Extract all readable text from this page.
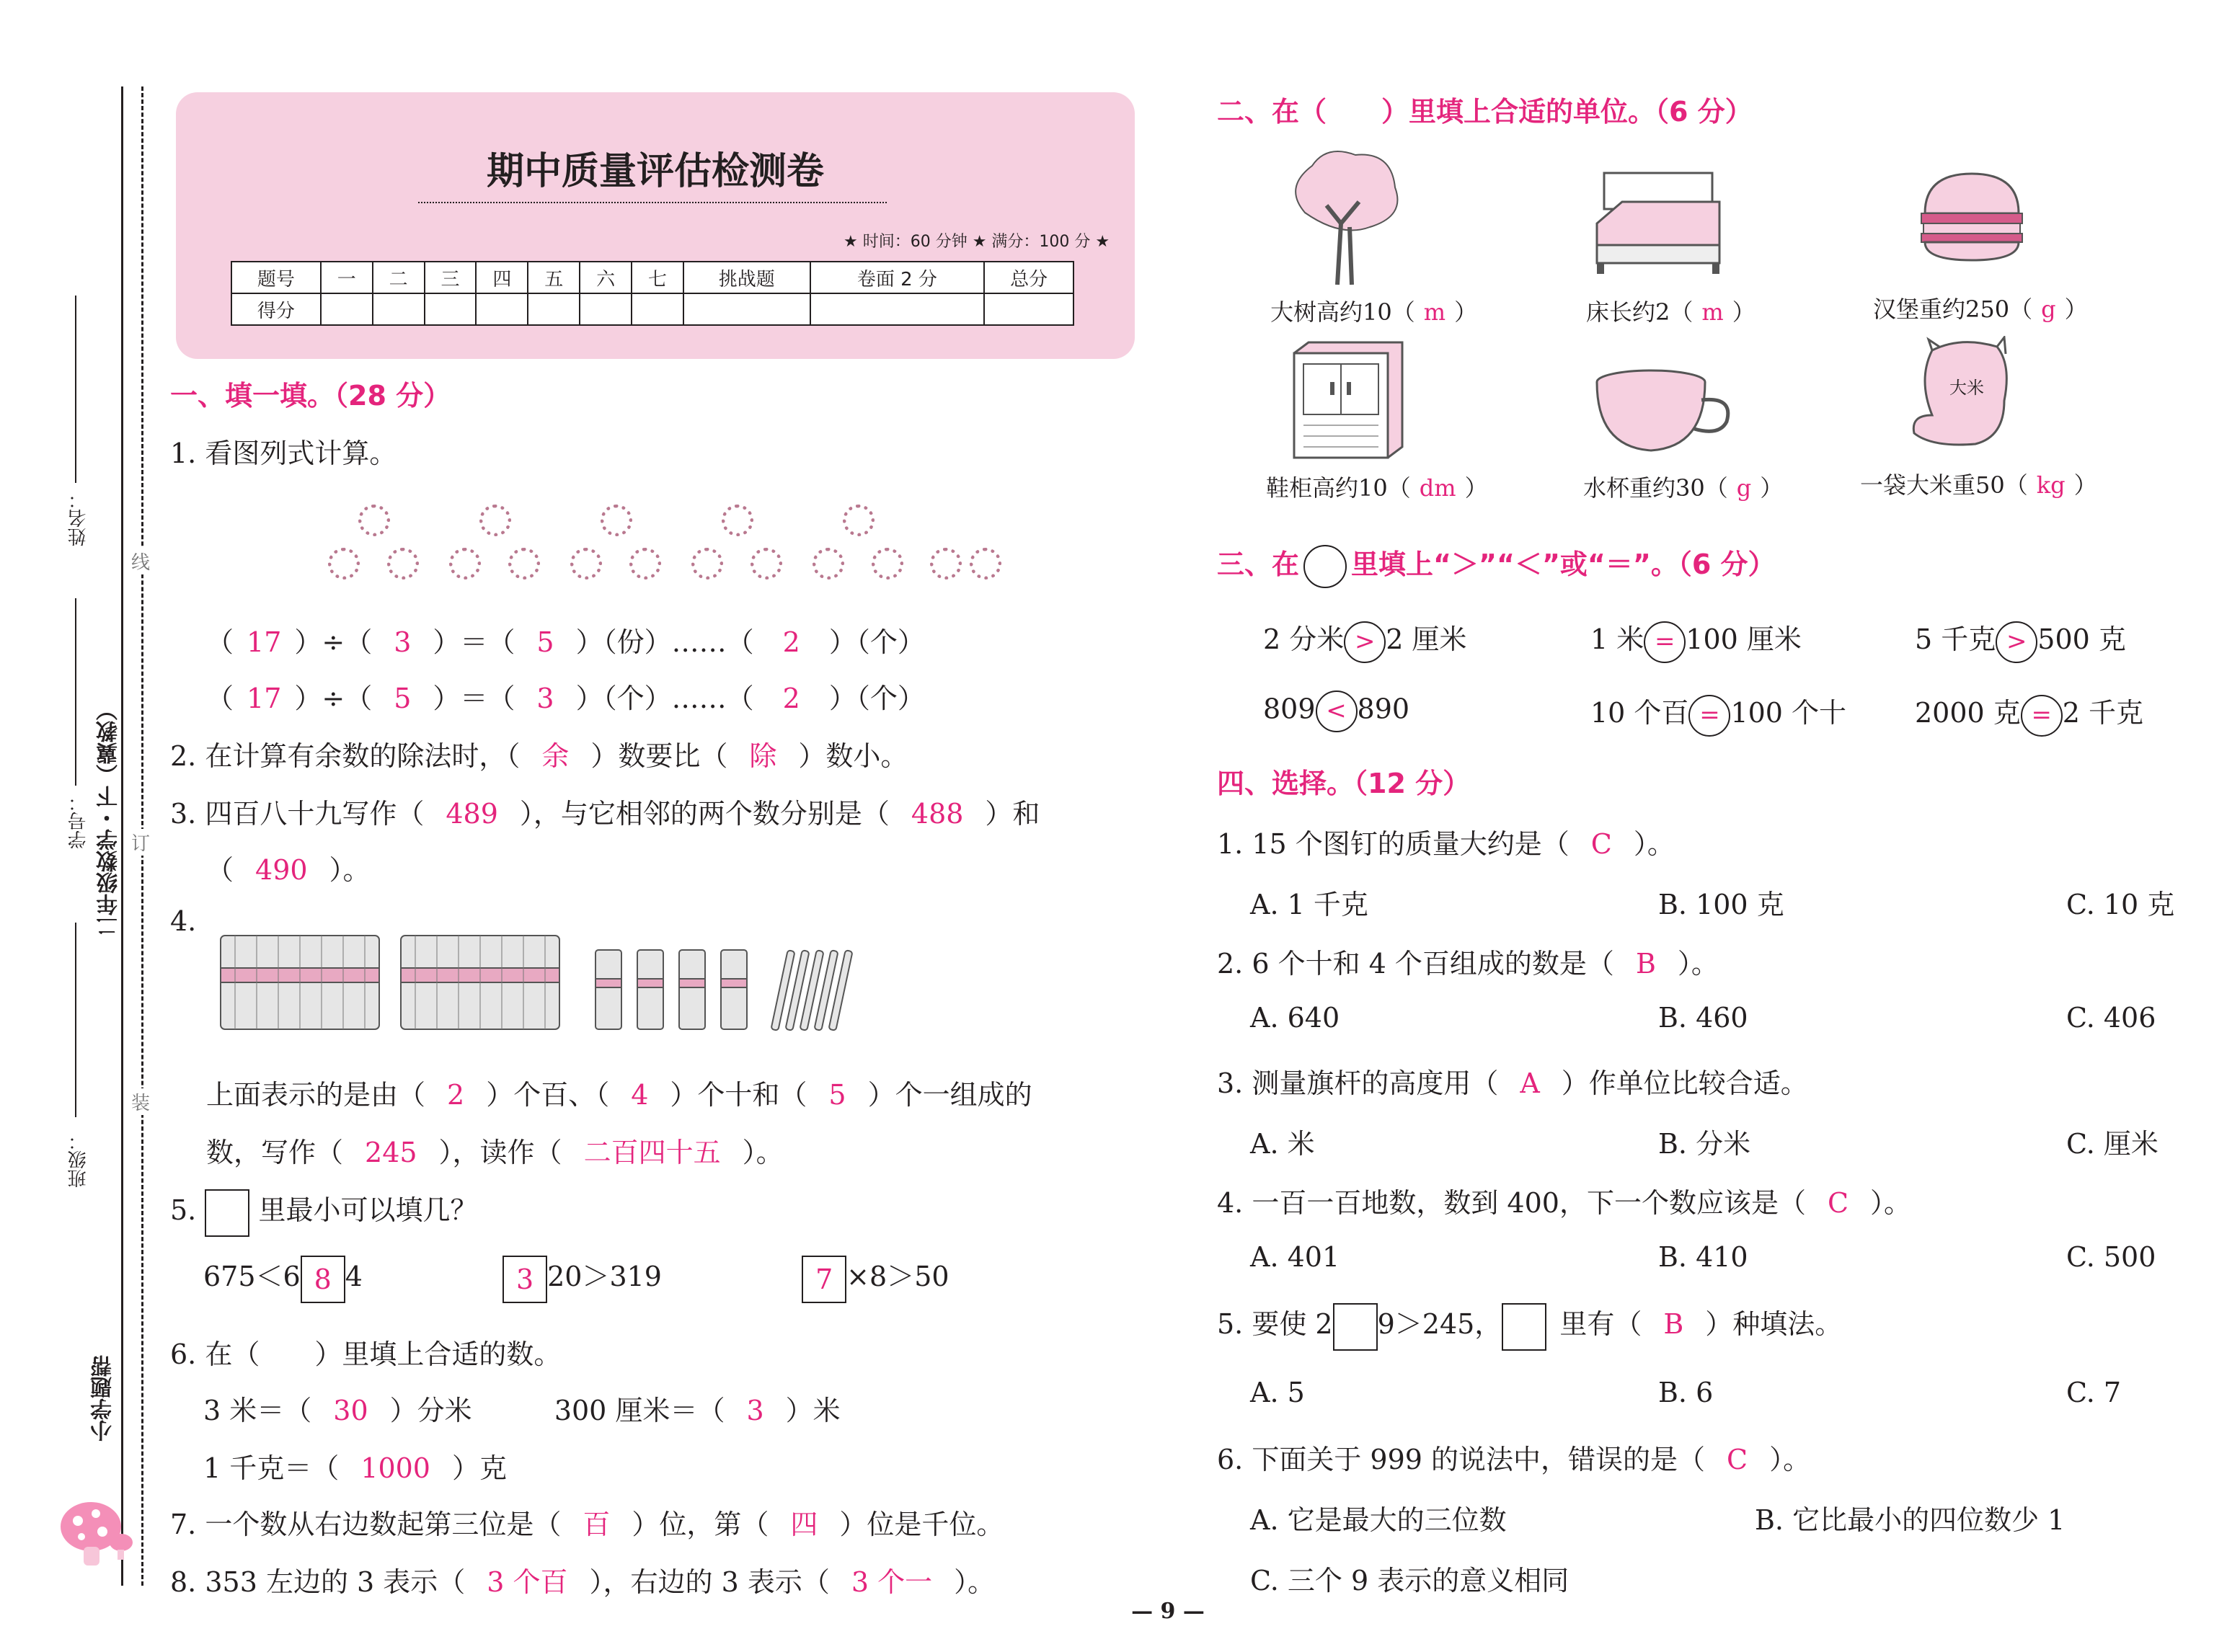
线
订
装
姓名：
学号： 二年级数学・下（冀教）
班级：
小学题帮
期中质量评估检测卷
★ 时间：60 分钟 ★ 满分：100 分 ★
题号	一	二	三	四	五	六	七	挑战题	卷面 2 分	总分
得分										
一、填一填。（28 分）
1. 看图列式计算。
（ 17 ）÷（ 3 ）＝（ 5 ）（份）……（ 2 ）（个）
（ 17 ）÷（ 5 ）＝（ 3 ）（个）……（ 2 ）（个）
2. 在计算有余数的除法时，（ 余 ）数要比（ 除 ）数小。
3. 四百八十九写作（ 489 ），与它相邻的两个数分别是（ 488 ）和
（ 490 ）。
4.
上面表示的是由（ 2 ）个百、（ 4 ）个十和（ 5 ）个一组成的
数，写作（ 245 ），读作（ 二百四十五 ）。
5. 里最小可以填几？
675＜6 8 4	3 20＞319	7 ×8＞50
6. 在（　　）里填上合适的数。
3 米＝（ 30 ）分米	300 厘米＝（ 3 ）米
1 千克＝（ 1000 ）克
7. 一个数从右边数起第三位是（ 百 ）位，第（ 四 ）位是千位。
8. 353 左边的 3 表示（ 3 个百 ），右边的 3 表示（ 3 个一 ）。
二、在（　　）里填上合适的单位。（6 分）
大树高约10（ m ）	床长约2（ m ）	汉堡重约250（ g ）
鞋柜高约10（ dm ）	水杯重约30（ g ）
大米
一袋大米重50（ kg ）
三、在 里填上“＞”“＜”或“＝”。（6 分）
2 分米 > 2 厘米	1 米 = 100 厘米	5 千克 > 500 克
809 < 890	10 个百 = 100 个十 2000 克 = 2 千克
四、选择。（12 分）
1. 15 个图钉的质量大约是（ C ）。
A. 1 千克	B. 100 克	C. 10 克
2. 6 个十和 4 个百组成的数是（ B ）。
A. 640	B. 460	C. 406
3. 测量旗杆的高度用（ A ）作单位比较合适。
A. 米	B. 分米	C. 厘米
4. 一百一百地数，数到 400，下一个数应该是（ C ）。
A. 401	B. 410	C. 500
5. 要使 2 9＞245， 里有（ B ）种填法。
A. 5	B. 6	C. 7
6. 下面关于 999 的说法中，错误的是（ C ）。
A. 它是最大的三位数	B. 它比最小的四位数少 1
C. 三个 9 表示的意义相同
— 9 —
